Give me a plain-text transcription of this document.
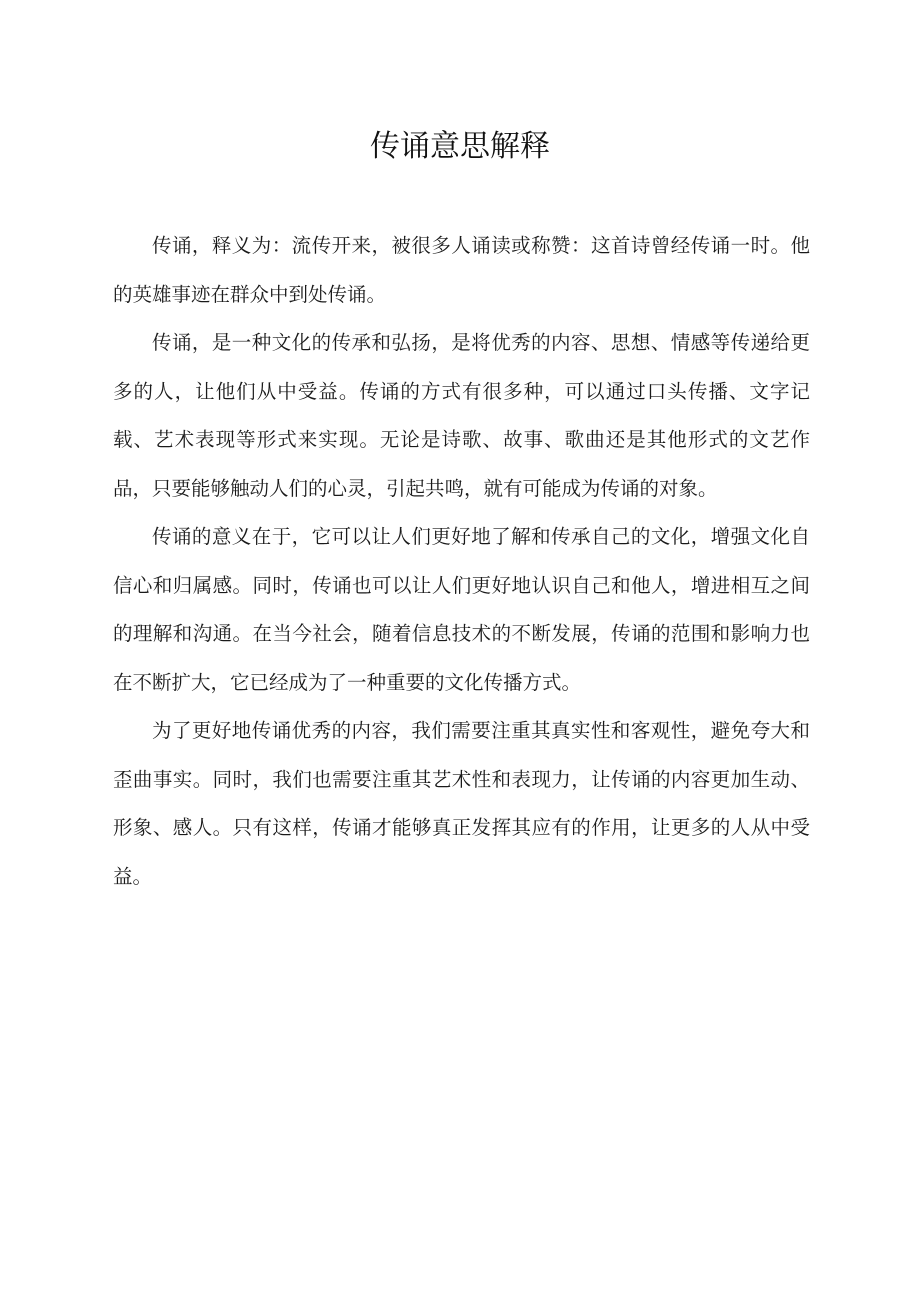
传诵意思解释

传诵，释义为：流传开来，被很多人诵读或称赞：这首诗曾经传诵一时。他的英雄事迹在群众中到处传诵。

传诵，是一种文化的传承和弘扬，是将优秀的内容、思想、情感等传递给更多的人，让他们从中受益。传诵的方式有很多种，可以通过口头传播、文字记载、艺术表现等形式来实现。无论是诗歌、故事、歌曲还是其他形式的文艺作品，只要能够触动人们的心灵，引起共鸣，就有可能成为传诵的对象。

传诵的意义在于，它可以让人们更好地了解和传承自己的文化，增强文化自信心和归属感。同时，传诵也可以让人们更好地认识自己和他人，增进相互之间的理解和沟通。在当今社会，随着信息技术的不断发展，传诵的范围和影响力也在不断扩大，它已经成为了一种重要的文化传播方式。

为了更好地传诵优秀的内容，我们需要注重其真实性和客观性，避免夸大和歪曲事实。同时，我们也需要注重其艺术性和表现力，让传诵的内容更加生动、形象、感人。只有这样，传诵才能够真正发挥其应有的作用，让更多的人从中受益。
